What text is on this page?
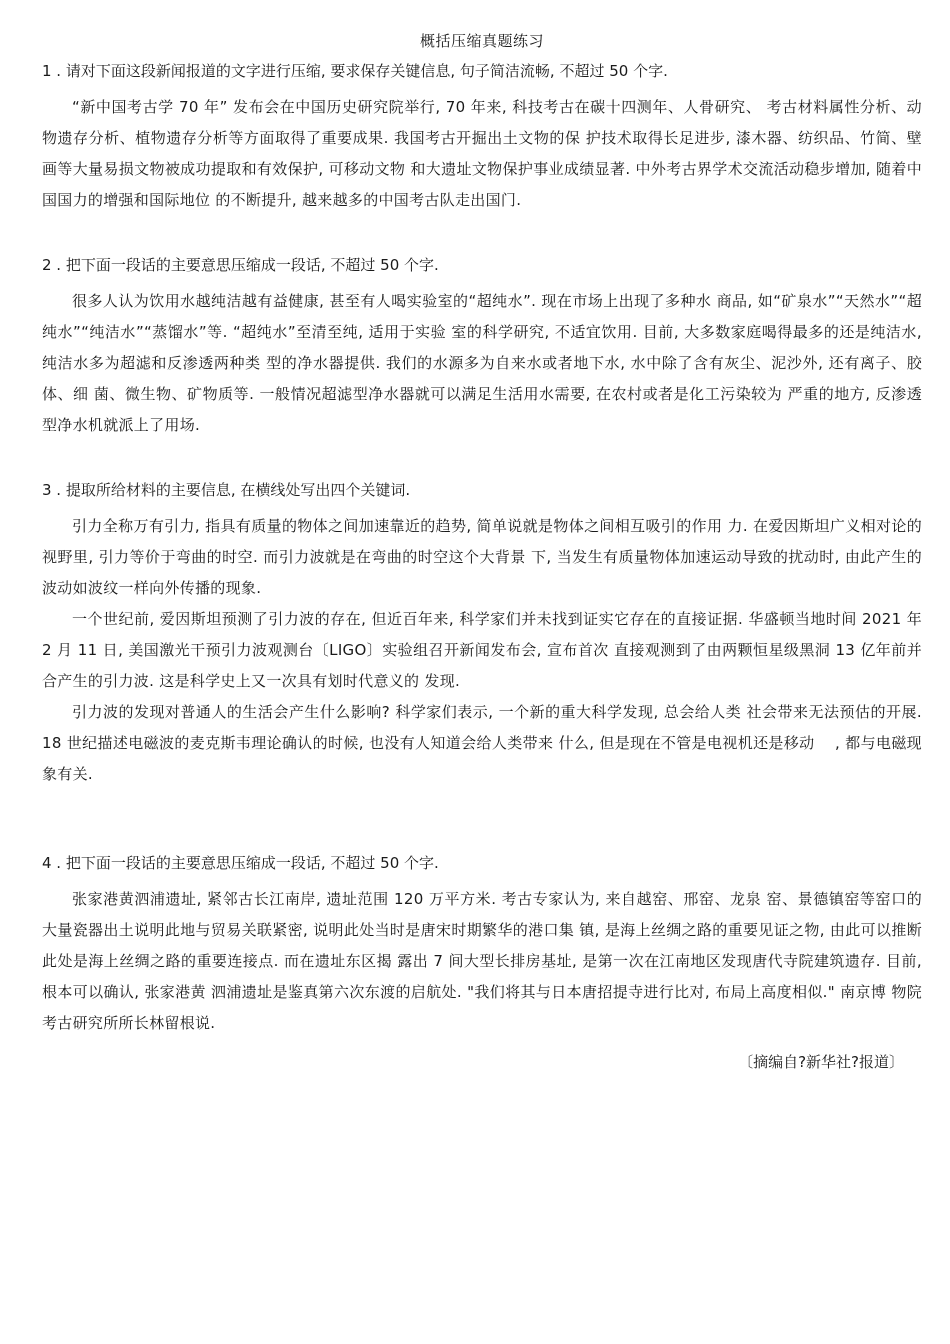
概括压缩真题练习
1 . 请对下面这段新闻报道的文字进行压缩, 要求保存关键信息, 句子简洁流畅, 不超过 50 个字.

“新中国考古学 70 年” 发布会在中国历史研究院举行, 70 年来, 科技考古在碳十四测年、人骨研究、 考古材料属性分析、动物遗存分析、植物遗存分析等方面取得了重要成果. 我国考古开掘出土文物的保 护技术取得长足进步, 漆木器、纺织品、竹简、壁画等大量易损文物被成功提取和有效保护, 可移动文物 和大遗址文物保护事业成绩显著. 中外考古界学术交流活动稳步增加, 随着中国国力的增强和国际地位 的不断提升, 越来越多的中国考古队走出国门.

2 . 把下面一段话的主要意思压缩成一段话, 不超过 50 个字.

很多人认为饮用水越纯洁越有益健康, 甚至有人喝实验室的“超纯水”. 现在市场上出现了多种水 商品, 如“矿泉水”“天然水”“超纯水”“纯洁水”“蒸馏水”等. “超纯水”至清至纯, 适用于实验 室的科学研究, 不适宜饮用. 目前, 大多数家庭喝得最多的还是纯洁水, 纯洁水多为超滤和反渗透两种类 型的净水器提供. 我们的水源多为自来水或者地下水, 水中除了含有灰尘、泥沙外, 还有离子、胶体、细 菌、微生物、矿物质等. 一般情况超滤型净水器就可以满足生活用水需要, 在农村或者是化工污染较为 严重的地方, 反渗透型净水机就派上了用场.

3 . 提取所给材料的主要信息, 在横线处写出四个关键词.

引力全称万有引力, 指具有质量的物体之间加速靠近的趋势, 简单说就是物体之间相互吸引的作用 力. 在爱因斯坦广义相对论的视野里, 引力等价于弯曲的时空. 而引力波就是在弯曲的时空这个大背景 下, 当发生有质量物体加速运动导致的扰动时, 由此产生的波动如波纹一样向外传播的现象.

一个世纪前, 爱因斯坦预测了引力波的存在, 但近百年来, 科学家们并未找到证实它存在的直接证据. 华盛顿当地时间 2021 年 2 月 11 日, 美国激光干预引力波观测台〔LIGO〕实验组召开新闻发布会, 宣布首次 直接观测到了由两颗恒星级黑洞 13 亿年前并合产生的引力波. 这是科学史上又一次具有划时代意义的 发现.

引力波的发现对普通人的生活会产生什么影响? 科学家们表示, 一个新的重大科学发现, 总会给人类 社会带来无法预估的开展. 18 世纪描述电磁波的麦克斯韦理论确认的时候, 也没有人知道会给人类带来 什么, 但是现在不管是电视机还是移动　 , 都与电磁现象有关.

4 . 把下面一段话的主要意思压缩成一段话, 不超过 50 个字.

张家港黄泗浦遗址, 紧邻古长江南岸, 遗址范围 120 万平方米. 考古专家认为, 来自越窑、邢窑、龙泉 窑、景德镇窑等窑口的大量瓷器出土说明此地与贸易关联紧密, 说明此处当时是唐宋时期繁华的港口集 镇, 是海上丝绸之路的重要见证之物, 由此可以推断此处是海上丝绸之路的重要连接点. 而在遗址东区揭 露出 7 间大型长排房基址, 是第一次在江南地区发现唐代寺院建筑遗存. 目前, 根本可以确认, 张家港黄 泗浦遗址是鉴真第六次东渡的启航处. "我们将其与日本唐招提寺进行比对, 布局上高度相似." 南京博 物院考古研究所所长林留根说.

〔摘编自?新华社?报道〕
